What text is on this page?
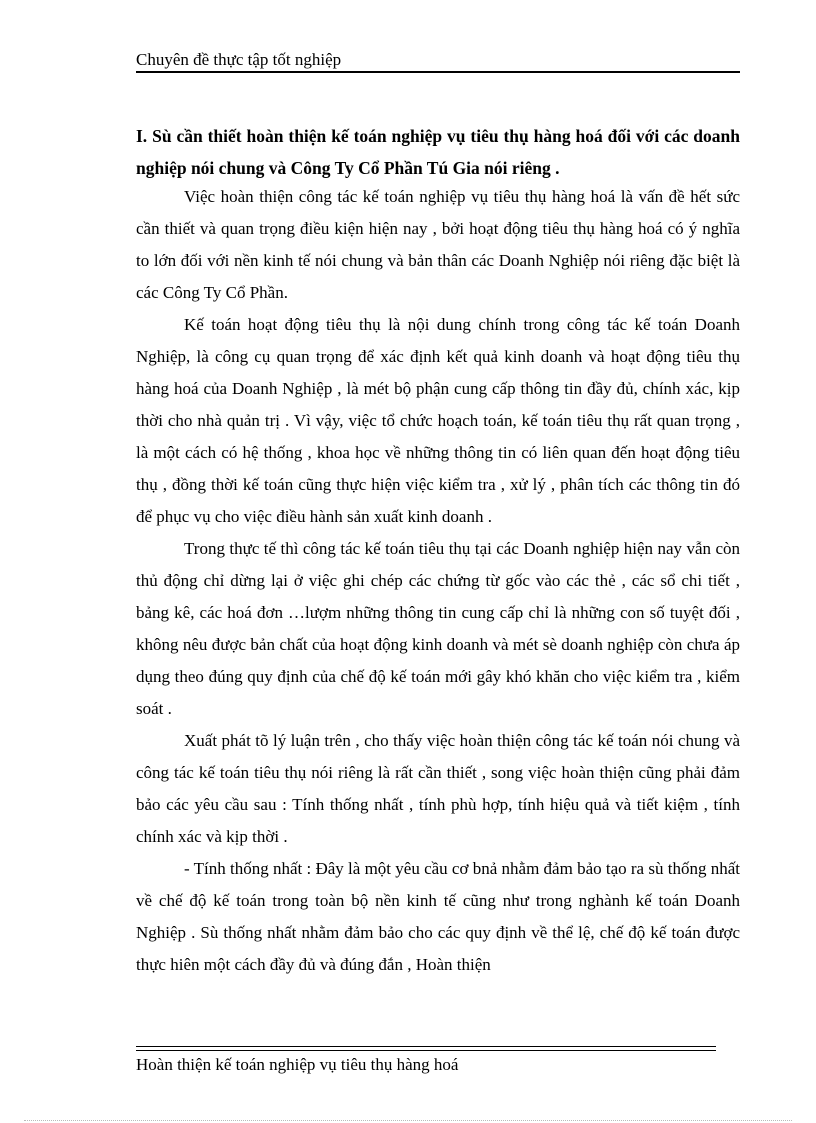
Chuyên đề thực tập tốt nghiệp

I. Sù cần thiết hoàn thiện kế toán nghiệp vụ tiêu thụ hàng hoá đối với các doanh nghiệp nói chung và Công Ty Cổ Phần Tú Gia nói riêng .

Việc hoàn thiện công tác kế toán nghiệp vụ tiêu thụ hàng hoá là vấn đề hết sức cần thiết và quan trọng điều kiện hiện nay , bởi hoạt động tiêu thụ hàng hoá có ý nghĩa to lớn đối với nền kinh tế nói chung và bản thân các Doanh Nghiệp nói riêng đặc biệt là các Công Ty Cổ Phần.

Kế toán hoạt động tiêu thụ là nội dung chính trong công tác kế toán Doanh Nghiệp, là công cụ quan trọng để xác định kết quả kinh doanh và hoạt động tiêu thụ hàng hoá của Doanh Nghiệp , là mét bộ phận cung cấp thông tin đầy đủ, chính xác, kịp thời cho nhà quản trị . Vì vậy, việc tổ chức hoạch toán, kế toán tiêu thụ rất quan trọng , là một cách có hệ thống , khoa học về những thông tin có liên quan đến hoạt động tiêu thụ , đồng thời kế toán cũng thực hiện việc kiểm tra , xử lý , phân tích các thông tin đó để phục vụ cho việc điều hành sản xuất kinh doanh .

Trong thực tế thì công tác kế toán tiêu thụ tại các Doanh nghiệp hiện nay vẫn còn thủ động chỉ dừng lại ở việc ghi chép các chứng từ gốc vào các thẻ , các sổ chi tiết , bảng kê, các hoá đơn …lượm những thông tin cung cấp chỉ là những con số tuyệt đối , không nêu được bản chất của hoạt động kinh doanh và mét sè doanh nghiệp còn chưa áp dụng theo đúng quy định của chế độ kế toán mới gây khó khăn cho việc kiểm tra , kiểm soát .

Xuất phát tõ lý luận trên , cho thấy việc hoàn thiện công tác kế toán nói chung và công tác kế toán tiêu thụ nói riêng là rất cần thiết , song việc hoàn thiện cũng phải đảm bảo các yêu cầu sau : Tính thống nhất , tính phù hợp, tính hiệu quả và tiết kiệm , tính chính xác và kịp thời .

- Tính thống nhất : Đây là một yêu cầu cơ bnả nhằm đảm bảo tạo ra sù thống nhất về chế độ kế toán trong toàn bộ nền kinh tế cũng như trong nghành kế toán Doanh Nghiệp . Sù thống nhất nhằm đảm bảo cho các quy định về thể lệ, chế độ kế toán được thực hiên một cách đầy đủ và đúng đắn , Hoàn thiện

Hoàn thiện kế toán nghiệp vụ tiêu thụ hàng hoá
